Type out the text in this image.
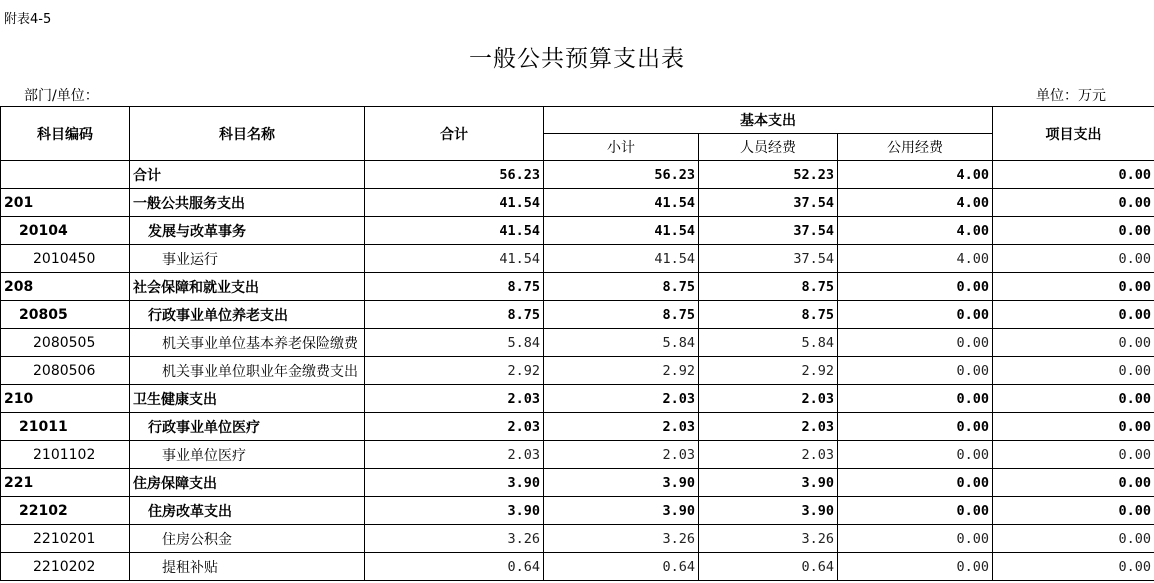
附表4-5
一般公共预算支出表
部门/单位：	单位：万元
科目编码	科目名称	合计	基本支出			项目支出
			小计	人员经费	公用经费	
	合计	56.23	56.23	52.23	4.00	0.00
201	一般公共服务支出	41.54	41.54	37.54	4.00	0.00
20104	发展与改革事务	41.54	41.54	37.54	4.00	0.00
2010450	事业运行	41.54	41.54	37.54	4.00	0.00
208	社会保障和就业支出	8.75	8.75	8.75	0.00	0.00
20805	行政事业单位养老支出	8.75	8.75	8.75	0.00	0.00
2080505	机关事业单位基本养老保险缴费	5.84	5.84	5.84	0.00	0.00
2080506	机关事业单位职业年金缴费支出	2.92	2.92	2.92	0.00	0.00
210	卫生健康支出	2.03	2.03	2.03	0.00	0.00
21011	行政事业单位医疗	2.03	2.03	2.03	0.00	0.00
2101102	事业单位医疗	2.03	2.03	2.03	0.00	0.00
221	住房保障支出	3.90	3.90	3.90	0.00	0.00
22102	住房改革支出	3.90	3.90	3.90	0.00	0.00
2210201	住房公积金	3.26	3.26	3.26	0.00	0.00
2210202	提租补贴	0.64	0.64	0.64	0.00	0.00
